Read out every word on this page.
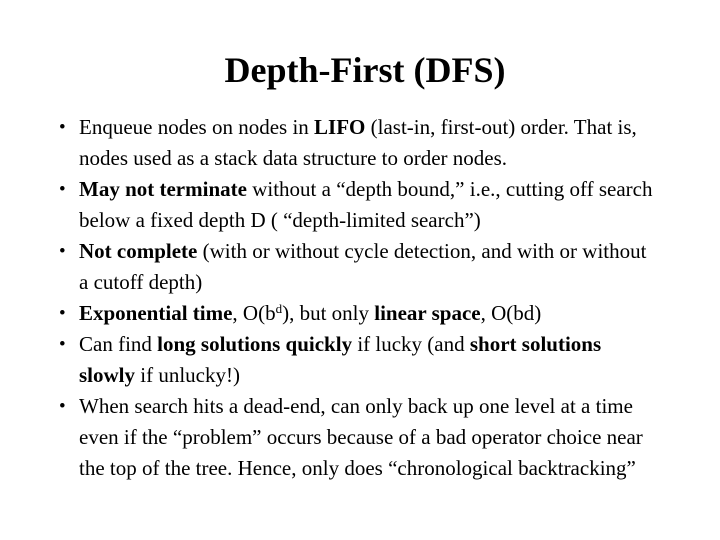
Depth-First (DFS)
• Enqueue nodes on nodes in LIFO (last-in, first-out) order. That is, nodes used as a stack data structure to order nodes.
• May not terminate without a “depth bound,” i.e., cutting off search below a fixed depth D ( “depth-limited search”)
• Not complete (with or without cycle detection, and with or without a cutoff depth)
• Exponential time, $O(b^d)$, but only linear space, O(bd)
• Can find long solutions quickly if lucky (and short solutions slowly if unlucky!)
• When search hits a dead-end, can only back up one level at a time even if the “problem” occurs because of a bad operator choice near the top of the tree. Hence, only does “chronological backtracking”
